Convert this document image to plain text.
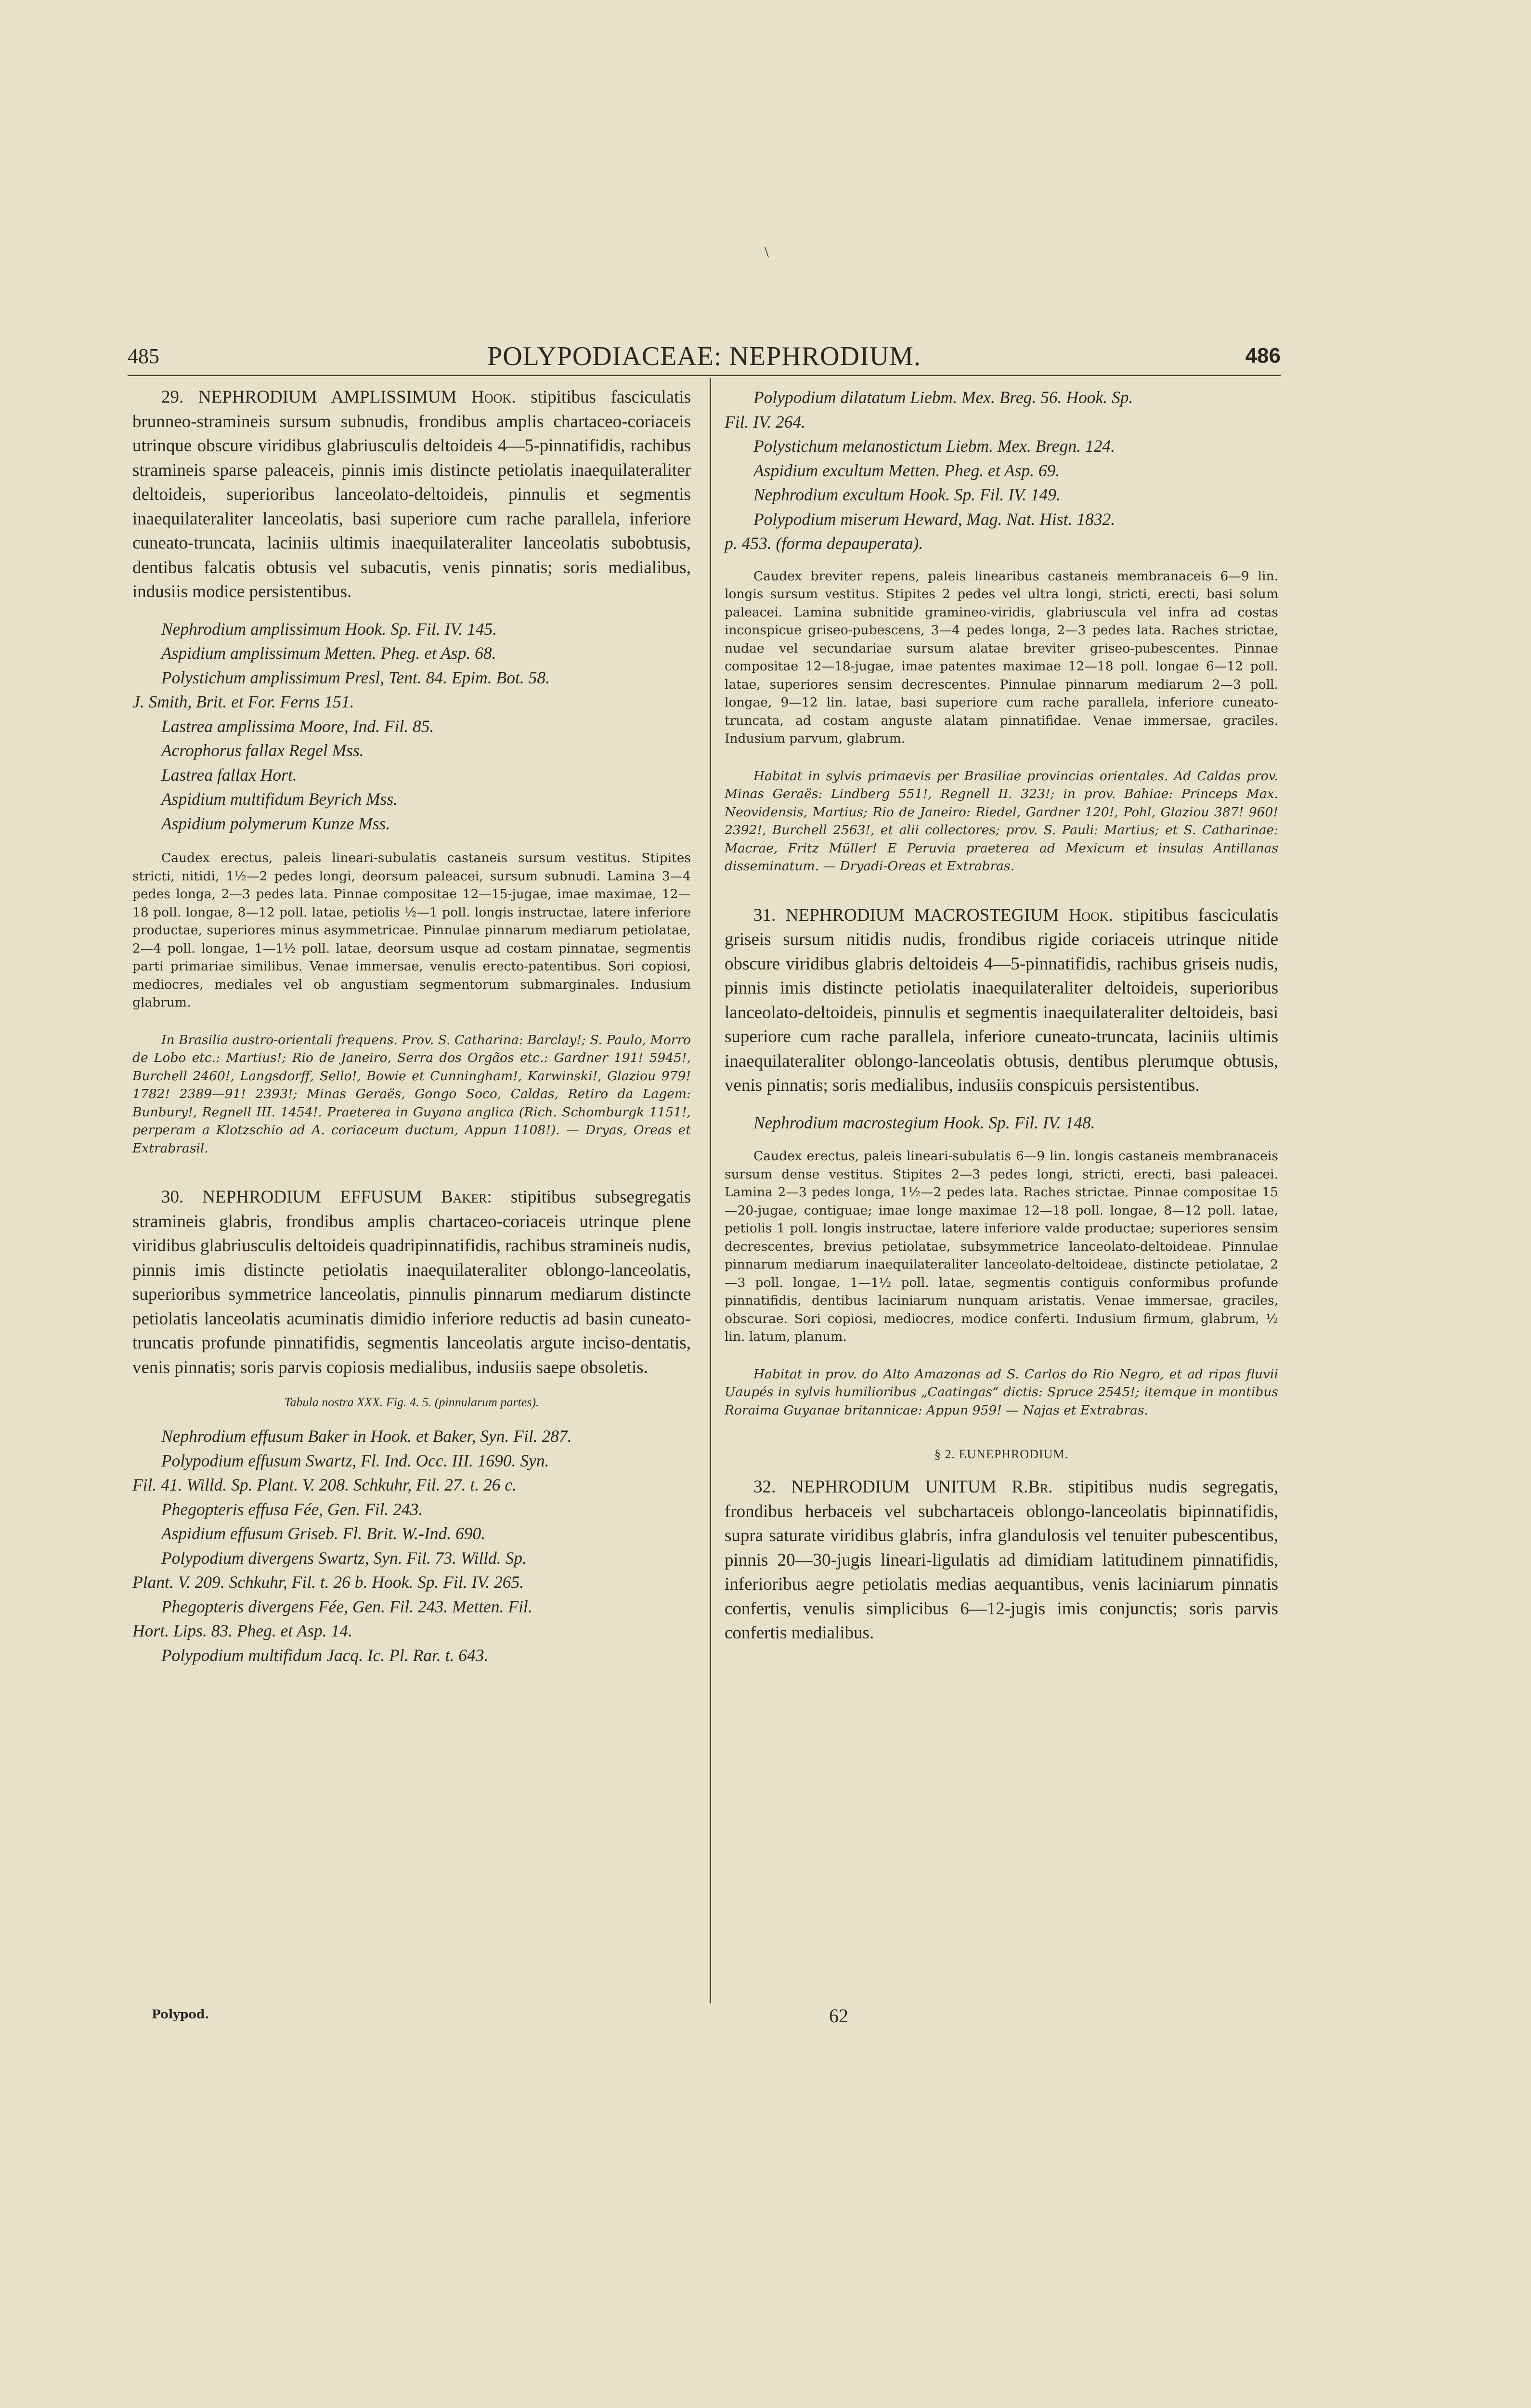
\
485	POLYPODIACEAE: NEPHRODIUM.	486

29. NEPHRODIUM AMPLISSIMUM Hook. stipitibus fasciculatis brunneo-stramineis sursum subnudis, frondibus amplis chartaceo-coriaceis utrinque obscure viridibus glabriusculis deltoideis 4—5-pinnatifidis, rachibus stramineis sparse paleaceis, pinnis imis distincte petiolatis inaequilateraliter deltoideis, superioribus lanceolato-deltoideis, pinnulis et segmentis inaequilateraliter lanceolatis, basi superiore cum rache parallela, inferiore cuneato-truncata, laciniis ultimis inaequilateraliter lanceolatis subobtusis, dentibus falcatis obtusis vel subacutis, venis pinnatis; soris medialibus, indusiis modice persistentibus.

Nephrodium amplissimum Hook. Sp. Fil. IV. 145.

Aspidium amplissimum Metten. Pheg. et Asp. 68.

Polystichum amplissimum Presl, Tent. 84. Epim. Bot. 58.

J. Smith, Brit. et For. Ferns 151.

Lastrea amplissima Moore, Ind. Fil. 85.

Acrophorus fallax Regel Mss.

Lastrea fallax Hort.

Aspidium multifidum Beyrich Mss.

Aspidium polymerum Kunze Mss.

Caudex erectus, paleis lineari-subulatis castaneis sursum vestitus. Stipites stricti, nitidi, 1½—2 pedes longi, deorsum paleacei, sursum subnudi. Lamina 3—4 pedes longa, 2—3 pedes lata. Pinnae compositae 12—15-jugae, imae maximae, 12—18 poll. longae, 8—12 poll. latae, petiolis ½—1 poll. longis instructae, latere inferiore productae, superiores minus asymmetricae. Pinnulae pinnarum mediarum petiolatae, 2—4 poll. longae, 1—1½ poll. latae, deorsum usque ad costam pinnatae, segmentis parti primariae similibus. Venae immersae, venulis erecto-patentibus. Sori copiosi, mediocres, mediales vel ob angustiam segmentorum submarginales. Indusium glabrum.

In Brasilia austro-orientali frequens. Prov. S. Catharina: Barclay!; S. Paulo, Morro de Lobo etc.: Martius!; Rio de Janeiro, Serra dos Orgãos etc.: Gardner 191! 5945!, Burchell 2460!, Langsdorff, Sello!, Bowie et Cunningham!, Karwinski!, Glaziou 979! 1782! 2389—91! 2393!; Minas Geraës, Gongo Soco, Caldas, Retiro da Lagem: Bunbury!, Regnell III. 1454!. Praeterea in Guyana anglica (Rich. Schomburgk 1151!, perperam a Klotzschio ad A. coriaceum ductum, Appun 1108!). — Dryas, Oreas et Extrabrasil.

30. NEPHRODIUM EFFUSUM Baker: stipitibus subsegregatis stramineis glabris, frondibus amplis chartaceo-coriaceis utrinque plene viridibus glabriusculis deltoideis quadripinnatifidis, rachibus stramineis nudis, pinnis imis distincte petiolatis inaequilateraliter oblongo-lanceolatis, superioribus symmetrice lanceolatis, pinnulis pinnarum mediarum distincte petiolatis lanceolatis acuminatis dimidio inferiore reductis ad basin cuneato-truncatis profunde pinnatifidis, segmentis lanceolatis argute inciso-dentatis, venis pinnatis; soris parvis copiosis medialibus, indusiis saepe obsoletis.

Tabula nostra XXX. Fig. 4. 5. (pinnularum partes).

Nephrodium effusum Baker in Hook. et Baker, Syn. Fil. 287.

Polypodium effusum Swartz, Fl. Ind. Occ. III. 1690. Syn.

Fil. 41. Willd. Sp. Plant. V. 208. Schkuhr, Fil. 27. t. 26 c.

Phegopteris effusa Fée, Gen. Fil. 243.

Aspidium effusum Griseb. Fl. Brit. W.-Ind. 690.

Polypodium divergens Swartz, Syn. Fil. 73. Willd. Sp.

Plant. V. 209. Schkuhr, Fil. t. 26 b. Hook. Sp. Fil. IV. 265.

Phegopteris divergens Fée, Gen. Fil. 243. Metten. Fil.

Hort. Lips. 83. Pheg. et Asp. 14.

Polypodium multifidum Jacq. Ic. Pl. Rar. t. 643.

Polypod.

Polypodium dilatatum Liebm. Mex. Breg. 56. Hook. Sp.

Fil. IV. 264.

Polystichum melanostictum Liebm. Mex. Bregn. 124.

Aspidium excultum Metten. Pheg. et Asp. 69.

Nephrodium excultum Hook. Sp. Fil. IV. 149.

Polypodium miserum Heward, Mag. Nat. Hist. 1832.

p. 453. (forma depauperata).

Caudex breviter repens, paleis linearibus castaneis membranaceis 6—9 lin. longis sursum vestitus. Stipites 2 pedes vel ultra longi, stricti, erecti, basi solum paleacei. Lamina subnitide gramineo-viridis, glabriuscula vel infra ad costas inconspicue griseo-pubescens, 3—4 pedes longa, 2—3 pedes lata. Raches strictae, nudae vel secundariae sursum alatae breviter griseo-pubescentes. Pinnae compositae 12—18-jugae, imae patentes maximae 12—18 poll. longae 6—12 poll. latae, superiores sensim decrescentes. Pinnulae pinnarum mediarum 2—3 poll. longae, 9—12 lin. latae, basi superiore cum rache parallela, inferiore cuneato-truncata, ad costam anguste alatam pinnatifidae. Venae immersae, graciles. Indusium parvum, glabrum.

Habitat in sylvis primaevis per Brasiliae provincias orientales. Ad Caldas prov. Minas Geraës: Lindberg 551!, Regnell II. 323!; in prov. Bahiae: Princeps Max. Neovidensis, Martius; Rio de Janeiro: Riedel, Gardner 120!, Pohl, Glaziou 387! 960! 2392!, Burchell 2563!, et alii collectores; prov. S. Pauli: Martius; et S. Catharinae: Macrae, Fritz Müller! E Peruvia praeterea ad Mexicum et insulas Antillanas disseminatum. — Dryadi-Oreas et Extrabras.

31. NEPHRODIUM MACROSTEGIUM Hook. stipitibus fasciculatis griseis sursum nitidis nudis, frondibus rigide coriaceis utrinque nitide obscure viridibus glabris deltoideis 4—5-pinnatifidis, rachibus griseis nudis, pinnis imis distincte petiolatis inaequilateraliter deltoideis, superioribus lanceolato-deltoideis, pinnulis et segmentis inaequilateraliter deltoideis, basi superiore cum rache parallela, inferiore cuneato-truncata, laciniis ultimis inaequilateraliter oblongo-lanceolatis obtusis, dentibus plerumque obtusis, venis pinnatis; soris medialibus, indusiis conspicuis persistentibus.

Nephrodium macrostegium Hook. Sp. Fil. IV. 148.

Caudex erectus, paleis lineari-subulatis 6—9 lin. longis castaneis membranaceis sursum dense vestitus. Stipites 2—3 pedes longi, stricti, erecti, basi paleacei. Lamina 2—3 pedes longa, 1½—2 pedes lata. Raches strictae. Pinnae compositae 15—20-jugae, contiguae; imae longe maximae 12—18 poll. longae, 8—12 poll. latae, petiolis 1 poll. longis instructae, latere inferiore valde productae; superiores sensim decrescentes, brevius petiolatae, subsymmetrice lanceolato-deltoideae. Pinnulae pinnarum mediarum inaequilateraliter lanceolato-deltoideae, distincte petiolatae, 2—3 poll. longae, 1—1½ poll. latae, segmentis contiguis conformibus profunde pinnatifidis, dentibus laciniarum nunquam aristatis. Venae immersae, graciles, obscurae. Sori copiosi, mediocres, modice conferti. Indusium firmum, glabrum, ½ lin. latum, planum.

Habitat in prov. do Alto Amazonas ad S. Carlos do Rio Negro, et ad ripas fluvii Uaupés in sylvis humilioribus „Caatingas“ dictis: Spruce 2545!; itemque in montibus Roraima Guyanae britannicae: Appun 959! — Najas et Extrabras.

§ 2. EUNEPHRODIUM.

32. NEPHRODIUM UNITUM R.Br. stipitibus nudis segregatis, frondibus herbaceis vel subchartaceis oblongo-lanceolatis bipinnatifidis, supra saturate viridibus glabris, infra glandulosis vel tenuiter pubescentibus, pinnis 20—30-jugis lineari-ligulatis ad dimidiam latitudinem pinnatifidis, inferioribus aegre petiolatis medias aequantibus, venis laciniarum pinnatis confertis, venulis simplicibus 6—12-jugis imis conjunctis; soris parvis confertis medialibus.

62
